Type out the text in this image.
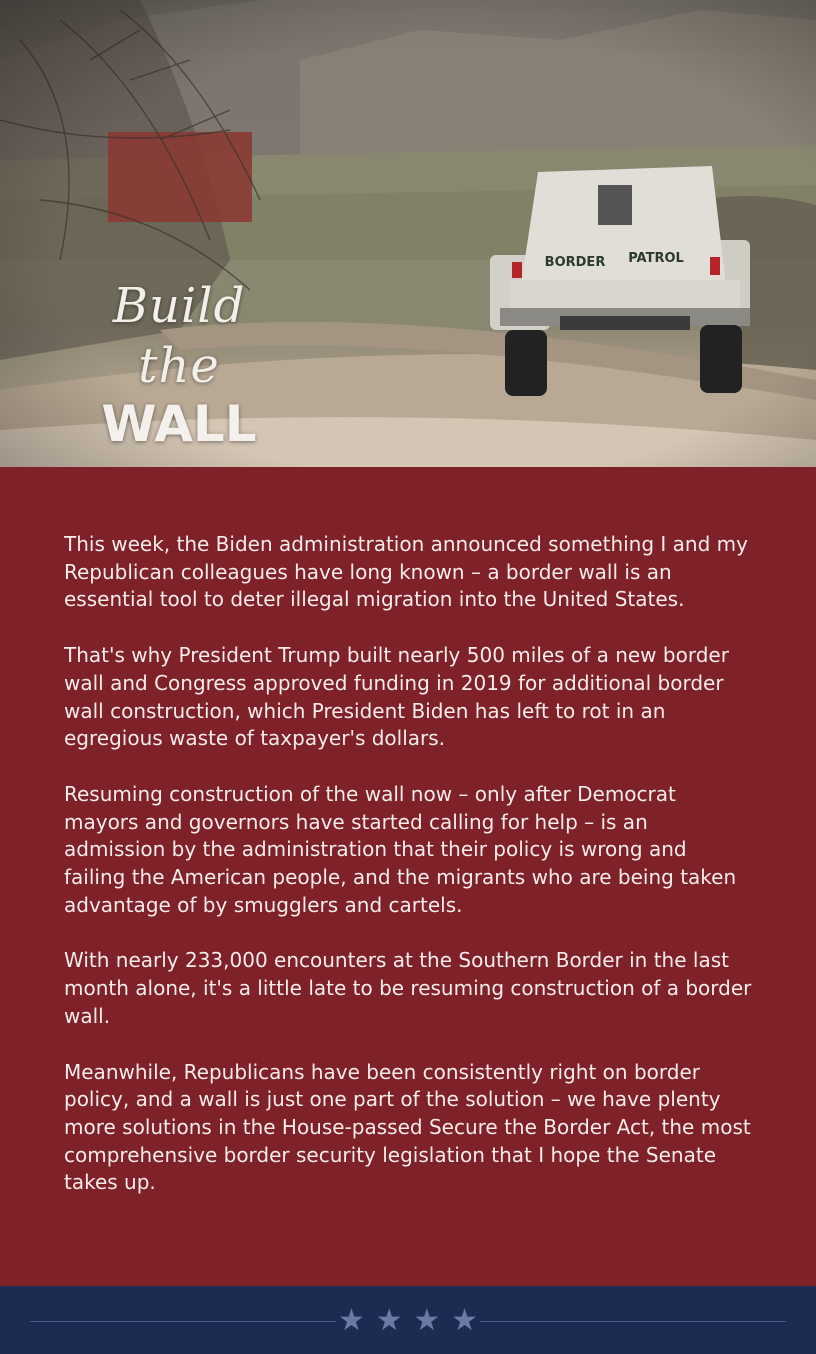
Build the
WALL

This week, the Biden administration announced something I and my Republican colleagues have long known – a border wall is an essential tool to deter illegal migration into the United States.

That's why President Trump built nearly 500 miles of a new border wall and Congress approved funding in 2019 for additional border wall construction, which President Biden has left to rot in an egregious waste of taxpayer's dollars.

Resuming construction of the wall now – only after Democrat mayors and governors have started calling for help – is an admission by the administration that their policy is wrong and failing the American people, and the migrants who are being taken advantage of by smugglers and cartels.

With nearly 233,000 encounters at the Southern Border in the last month alone, it's a little late to be resuming construction of a border wall.

Meanwhile, Republicans have been consistently right on border policy, and a wall is just one part of the solution – we have plenty more solutions in the House-passed Secure the Border Act, the most comprehensive border security legislation that I hope the Senate takes up.

★ ★ ★ ★
